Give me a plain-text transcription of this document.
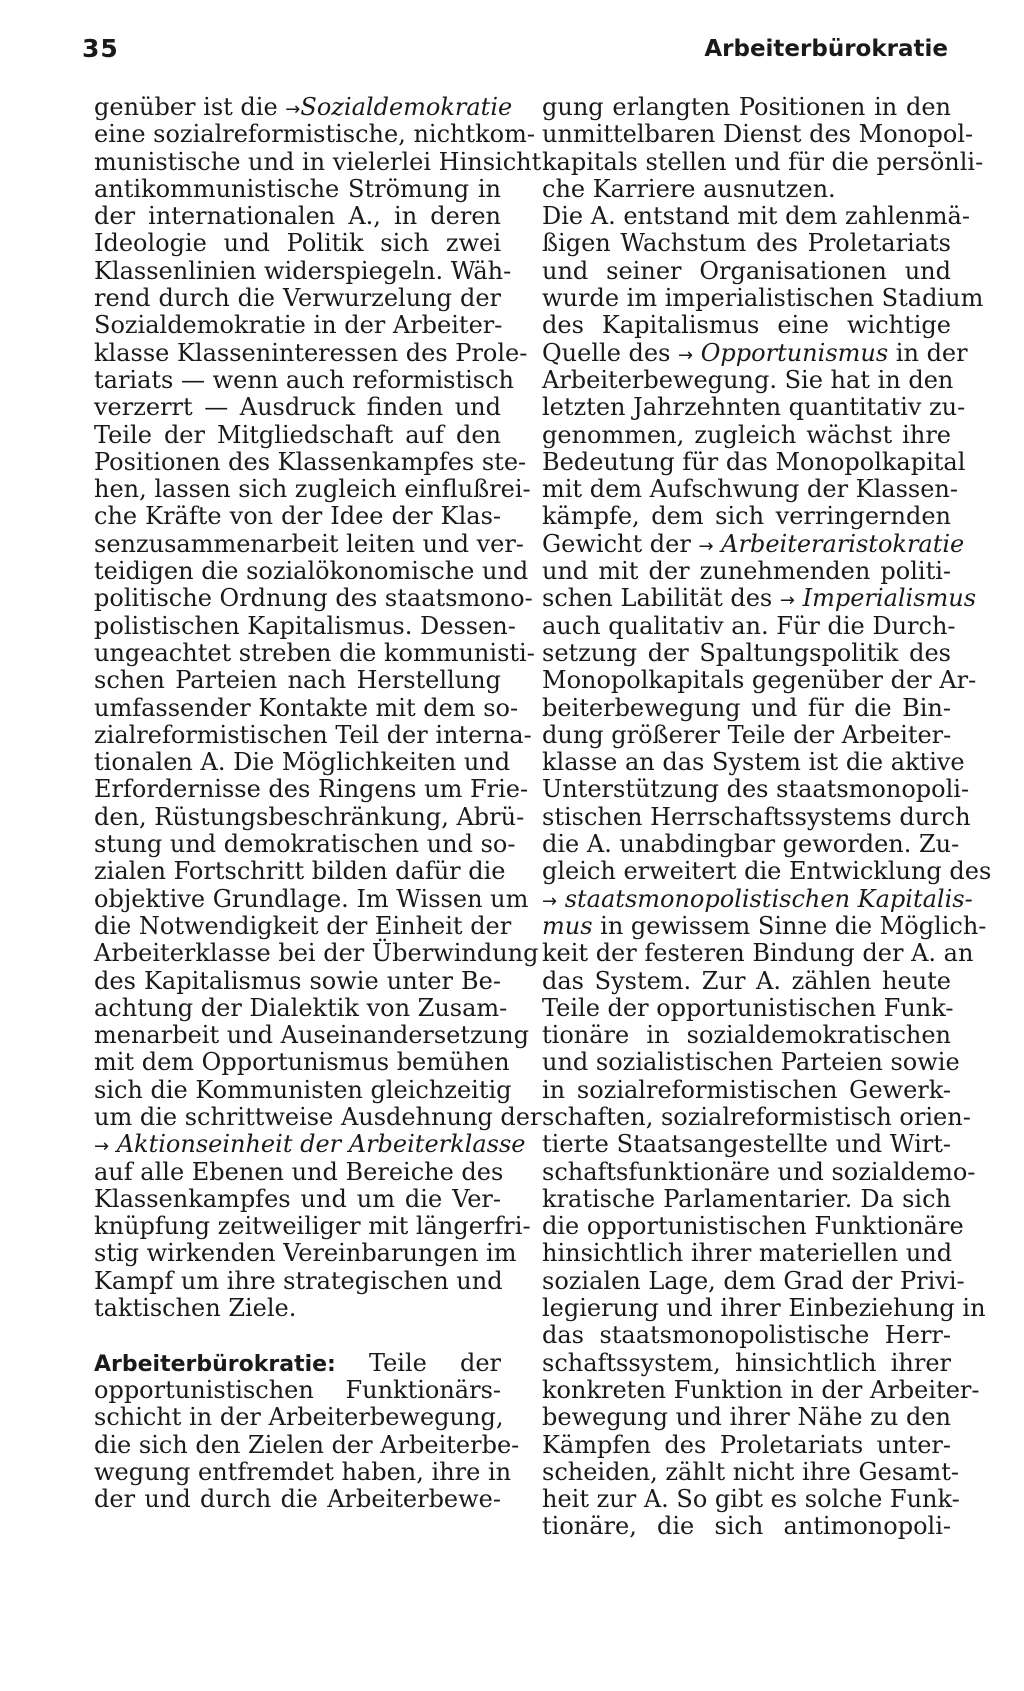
35	Arbeiterbürokratie
genüber ist die →Sozialdemokratie
eine sozialreformistische, nichtkom-
munistische und in vielerlei Hinsicht
antikommunistische Strömung in
der internationalen A., in deren
Ideologie und Politik sich zwei
Klassenlinien widerspiegeln. Wäh-
rend durch die Verwurzelung der
Sozialdemokratie in der Arbeiter-
klasse Klasseninteressen des Prole-
tariats — wenn auch reformistisch
verzerrt — Ausdruck finden und
Teile der Mitgliedschaft auf den
Positionen des Klassenkampfes ste-
hen, lassen sich zugleich einflußrei-
che Kräfte von der Idee der Klas-
senzusammenarbeit leiten und ver-
teidigen die sozialökonomische und
politische Ordnung des staatsmono-
polistischen Kapitalismus. Dessen-
ungeachtet streben die kommunisti-
schen Parteien nach Herstellung
umfassender Kontakte mit dem so-
zialreformistischen Teil der interna-
tionalen A. Die Möglichkeiten und
Erfordernisse des Ringens um Frie-
den, Rüstungsbeschränkung, Abrü-
stung und demokratischen und so-
zialen Fortschritt bilden dafür die
objektive Grundlage. Im Wissen um
die Notwendigkeit der Einheit der
Arbeiterklasse bei der Überwindung
des Kapitalismus sowie unter Be-
achtung der Dialektik von Zusam-
menarbeit und Auseinandersetzung
mit dem Opportunismus bemühen
sich die Kommunisten gleichzeitig
um die schrittweise Ausdehnung der
→ Aktionseinheit der Arbeiterklasse
auf alle Ebenen und Bereiche des
Klassenkampfes und um die Ver-
knüpfung zeitweiliger mit längerfri-
stig wirkenden Vereinbarungen im
Kampf um ihre strategischen und
taktischen Ziele.
Arbeiterbürokratie: Teile der
opportunistischen Funktionärs-
schicht in der Arbeiterbewegung,
die sich den Zielen der Arbeiterbe-
wegung entfremdet haben, ihre in
der und durch die Arbeiterbewe-
gung erlangten Positionen in den
unmittelbaren Dienst des Monopol-
kapitals stellen und für die persönli-
che Karriere ausnutzen.
Die A. entstand mit dem zahlenmä-
ßigen Wachstum des Proletariats
und seiner Organisationen und
wurde im imperialistischen Stadium
des Kapitalismus eine wichtige
Quelle des → Opportunismus in der
Arbeiterbewegung. Sie hat in den
letzten Jahrzehnten quantitativ zu-
genommen, zugleich wächst ihre
Bedeutung für das Monopolkapital
mit dem Aufschwung der Klassen-
kämpfe, dem sich verringernden
Gewicht der → Arbeiteraristokratie
und mit der zunehmenden politi-
schen Labilität des → Imperialismus
auch qualitativ an. Für die Durch-
setzung der Spaltungspolitik des
Monopolkapitals gegenüber der Ar-
beiterbewegung und für die Bin-
dung größerer Teile der Arbeiter-
klasse an das System ist die aktive
Unterstützung des staatsmonopoli-
stischen Herrschaftssystems durch
die A. unabdingbar geworden. Zu-
gleich erweitert die Entwicklung des
→ staatsmonopolistischen Kapitalis-
mus in gewissem Sinne die Möglich-
keit der festeren Bindung der A. an
das System. Zur A. zählen heute
Teile der opportunistischen Funk-
tionäre in sozialdemokratischen
und sozialistischen Parteien sowie
in sozialreformistischen Gewerk-
schaften, sozialreformistisch orien-
tierte Staatsangestellte und Wirt-
schaftsfunktionäre und sozialdemo-
kratische Parlamentarier. Da sich
die opportunistischen Funktionäre
hinsichtlich ihrer materiellen und
sozialen Lage, dem Grad der Privi-
legierung und ihrer Einbeziehung in
das staatsmonopolistische Herr-
schaftssystem, hinsichtlich ihrer
konkreten Funktion in der Arbeiter-
bewegung und ihrer Nähe zu den
Kämpfen des Proletariats unter-
scheiden, zählt nicht ihre Gesamt-
heit zur A. So gibt es solche Funk-
tionäre, die sich antimonopoli-
